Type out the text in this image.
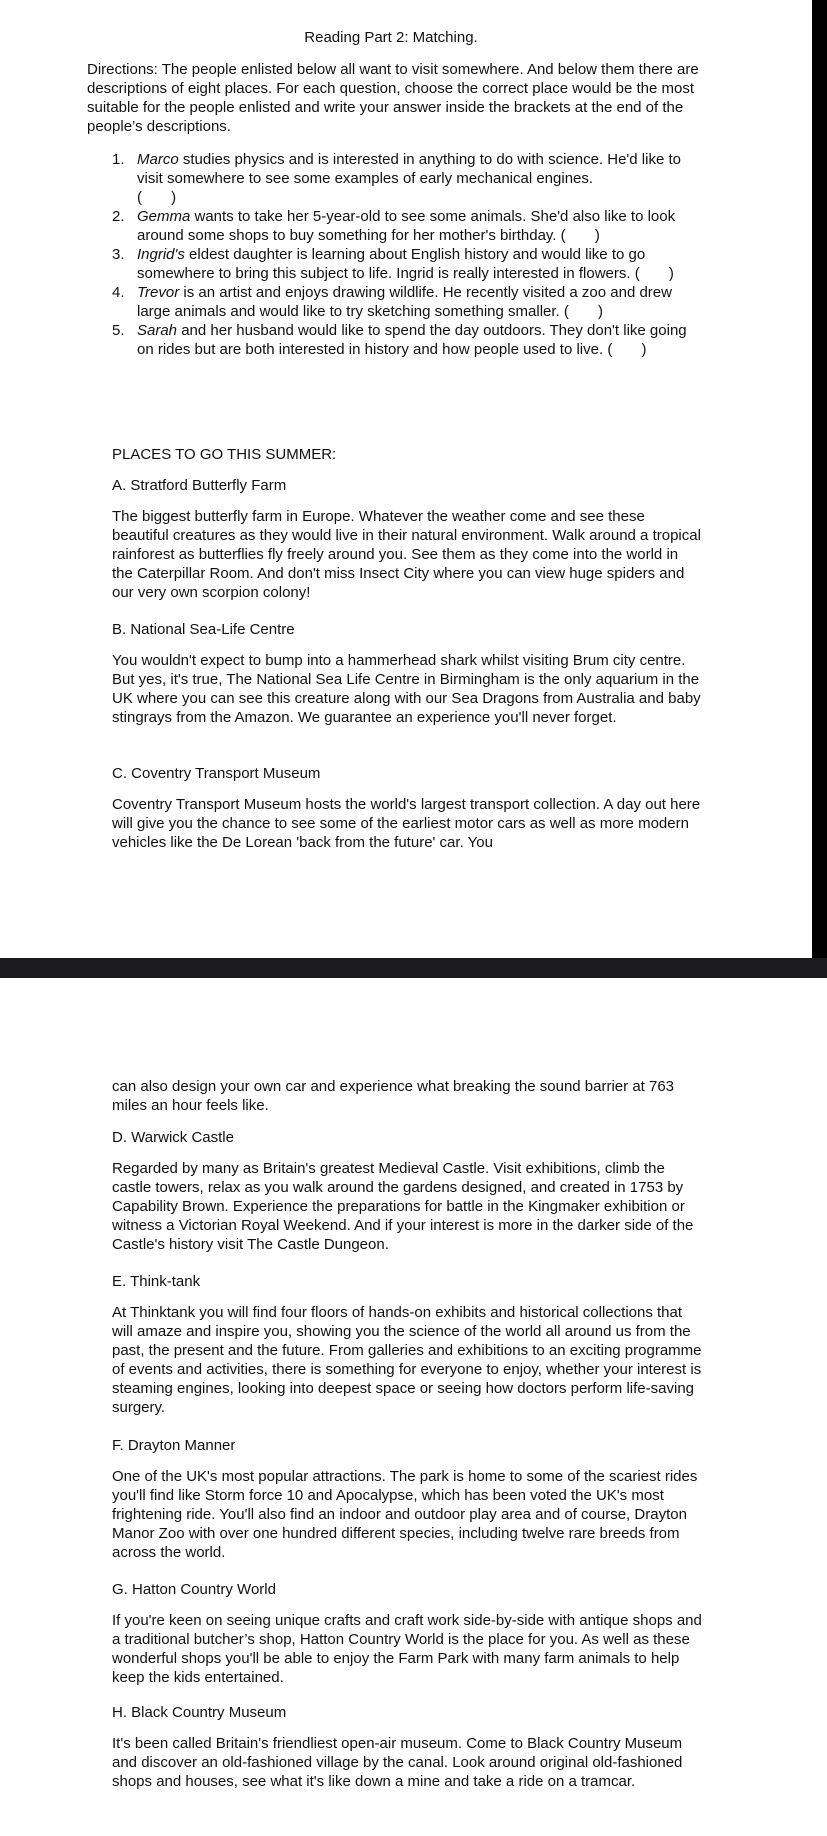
Reading Part 2: Matching.
Directions: The people enlisted below all want to visit somewhere. And below them there are descriptions of eight places. For each question, choose the correct place would be the most suitable for the people enlisted and write your answer inside the brackets at the end of the people’s descriptions.
1. Marco studies physics and is interested in anything to do with science. He'd like to visit somewhere to see some examples of early mechanical engines.
(       )
2. Gemma wants to take her 5-year-old to see some animals. She'd also like to look around some shops to buy something for her mother's birthday. (       )
3. Ingrid's eldest daughter is learning about English history and would like to go somewhere to bring this subject to life. Ingrid is really interested in flowers. (       )
4. Trevor is an artist and enjoys drawing wildlife. He recently visited a zoo and drew large animals and would like to try sketching something smaller. (       )
5. Sarah and her husband would like to spend the day outdoors. They don't like going on rides but are both interested in history and how people used to live. (       )
PLACES TO GO THIS SUMMER:
A. Stratford Butterfly Farm
The biggest butterfly farm in Europe. Whatever the weather come and see these beautiful creatures as they would live in their natural environment. Walk around a tropical rainforest as butterflies fly freely around you. See them as they come into the world in the Caterpillar Room. And don't miss Insect City where you can view huge spiders and our very own scorpion colony!
B. National Sea-Life Centre
You wouldn't expect to bump into a hammerhead shark whilst visiting Brum city centre. But yes, it's true, The National Sea Life Centre in Birmingham is the only aquarium in the UK where you can see this creature along with our Sea Dragons from Australia and baby stingrays from the Amazon. We guarantee an experience you'll never forget.
C. Coventry Transport Museum
Coventry Transport Museum hosts the world's largest transport collection. A day out here will give you the chance to see some of the earliest motor cars as well as more modern vehicles like the De Lorean 'back from the future' car. You
can also design your own car and experience what breaking the sound barrier at 763 miles an hour feels like.
D. Warwick Castle
Regarded by many as Britain's greatest Medieval Castle. Visit exhibitions, climb the castle towers, relax as you walk around the gardens designed, and created in 1753 by Capability Brown. Experience the preparations for battle in the Kingmaker exhibition or witness a Victorian Royal Weekend. And if your interest is more in the darker side of the Castle's history visit The Castle Dungeon.
E. Think-tank
At Thinktank you will find four floors of hands-on exhibits and historical collections that will amaze and inspire you, showing you the science of the world all around us from the past, the present and the future. From galleries and exhibitions to an exciting programme of events and activities, there is something for everyone to enjoy, whether your interest is steaming engines, looking into deepest space or seeing how doctors perform life-saving surgery.
F. Drayton Manner
One of the UK's most popular attractions. The park is home to some of the scariest rides you'll find like Storm force 10 and Apocalypse, which has been voted the UK's most frightening ride. You'll also find an indoor and outdoor play area and of course, Drayton Manor Zoo with over one hundred different species, including twelve rare breeds from across the world.
G. Hatton Country World
If you're keen on seeing unique crafts and craft work side-by-side with antique shops and a traditional butcher’s shop, Hatton Country World is the place for you. As well as these wonderful shops you'll be able to enjoy the Farm Park with many farm animals to help keep the kids entertained.
H. Black Country Museum
It's been called Britain's friendliest open-air museum. Come to Black Country Museum and discover an old-fashioned village by the canal. Look around original old-fashioned shops and houses, see what it's like down a mine and take a ride on a tramcar.
